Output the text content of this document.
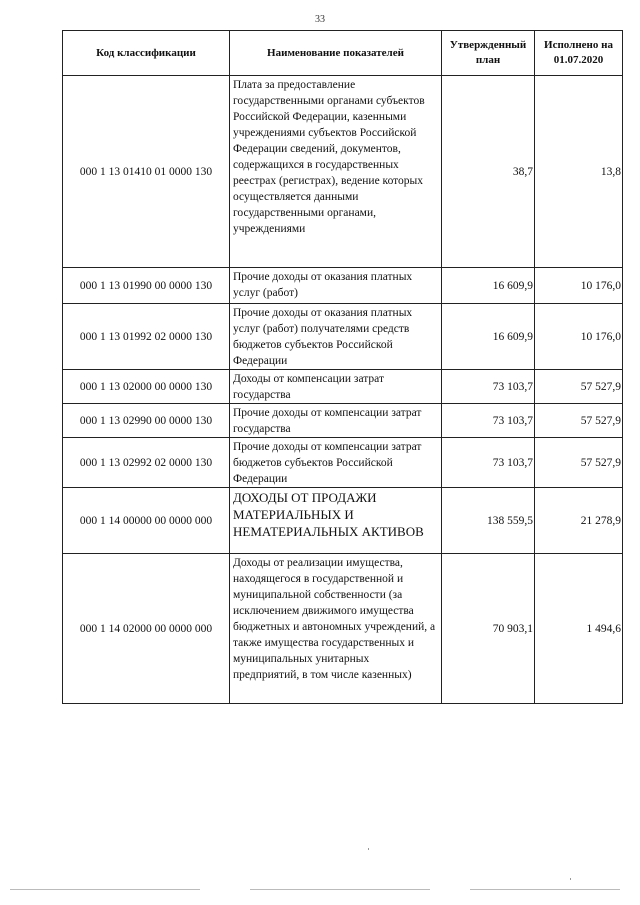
33
Код классификации	Наименование показателей	Утвержденный план	Исполнено на 01.07.2020
000 1 13 01410 01 0000 130	Плата за предоставление государственными органами субъектов Российской Федерации, казенными учреждениями субъектов Российской Федерации сведений, документов, содержащихся в государственных реестрах (регистрах), ведение которых осуществляется данными государственными органами, учреждениями	38,7	13,8
000 1 13 01990 00 0000 130	Прочие доходы от оказания платных услуг (работ)	16 609,9	10 176,0
000 1 13 01992 02 0000 130	Прочие доходы от оказания платных услуг (работ) получателями средств бюджетов субъектов Российской Федерации	16 609,9	10 176,0
000 1 13 02000 00 0000 130	Доходы от компенсации затрат государства	73 103,7	57 527,9
000 1 13 02990 00 0000 130	Прочие доходы от компенсации затрат государства	73 103,7	57 527,9
000 1 13 02992 02 0000 130	Прочие доходы от компенсации затрат бюджетов субъектов Российской Федерации	73 103,7	57 527,9
000 1 14 00000 00 0000 000	ДОХОДЫ ОТ ПРОДАЖИ МАТЕРИАЛЬНЫХ И НЕМАТЕРИАЛЬНЫХ АКТИВОВ	138 559,5	21 278,9
000 1 14 02000 00 0000 000	Доходы от реализации имущества, находящегося в государственной и муниципальной собственности (за исключением движимого имущества бюджетных и автономных учреждений, а также имущества государственных и муниципальных унитарных предприятий, в том числе казенных)	70 903,1	1 494,6
